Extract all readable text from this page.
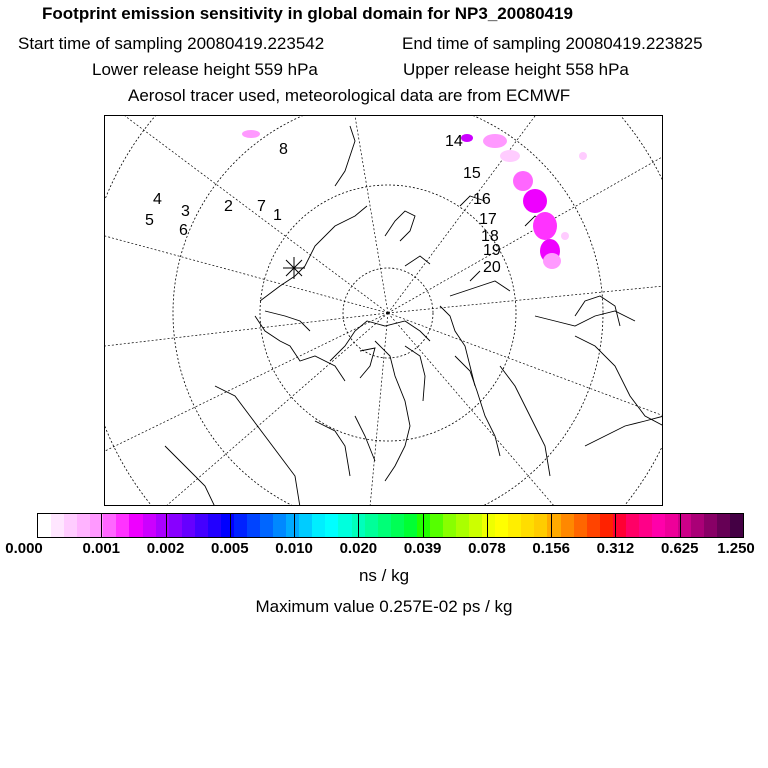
Footprint emission sensitivity in global domain for NP3_20080419
Start time of sampling 20080419.223542	End time of sampling 20080419.223825
Lower release height 559 hPa	Upper release height 558 hPa
Aerosol tracer used, meteorological data are from ECMWF
1
2
3
4
5
6
7
8	14
15
16
17
18
19
20
0.000	0.001 0.002 0.005 0.010 0.020 0.039 0.078 0.156 0.312 0.625 1.250
ns / kg
Maximum value 0.257E-02 ps / kg
